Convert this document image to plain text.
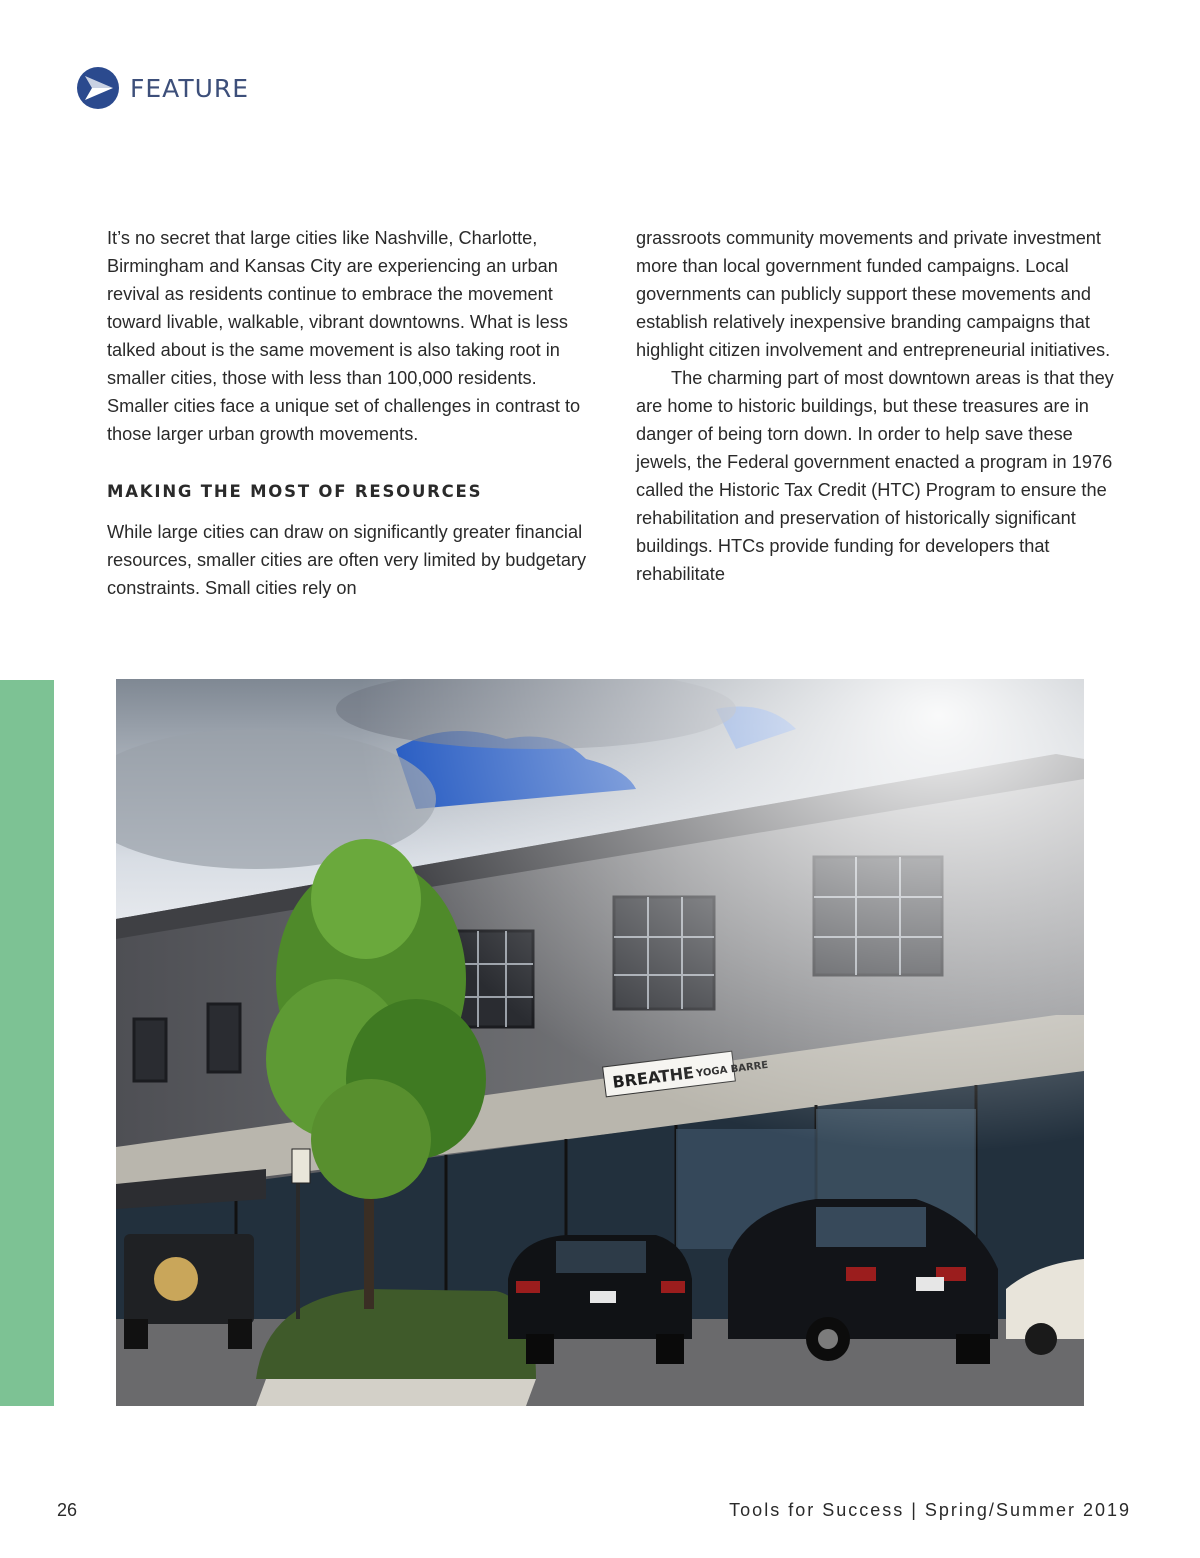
FEATURE

It’s no secret that large cities like Nashville, Charlotte, Birmingham and Kansas City are experiencing an urban revival as residents continue to embrace the movement toward livable, walkable, vibrant downtowns. What is less talked about is the same movement is also taking root in smaller cities, those with less than 100,000 residents. Smaller cities face a unique set of challenges in contrast to those larger urban growth movements.

MAKING THE MOST OF RESOURCES

While large cities can draw on significantly greater financial resources, smaller cities are often very limited by budgetary constraints. Small cities rely on

grassroots community movements and private investment more than local government funded campaigns. Local governments can publicly support these movements and establish relatively inexpensive branding campaigns that highlight citizen involvement and entrepreneurial initiatives.

The charming part of most downtown areas is that they are home to historic buildings, but these treasures are in danger of being torn down. In order to help save these jewels, the Federal government enacted a program in 1976 called the Historic Tax Credit (HTC) Program to ensure the rehabilitation and preservation of historically significant buildings. HTCs provide funding for developers that rehabilitate

26	Tools for Success | Spring/Summer 2019
